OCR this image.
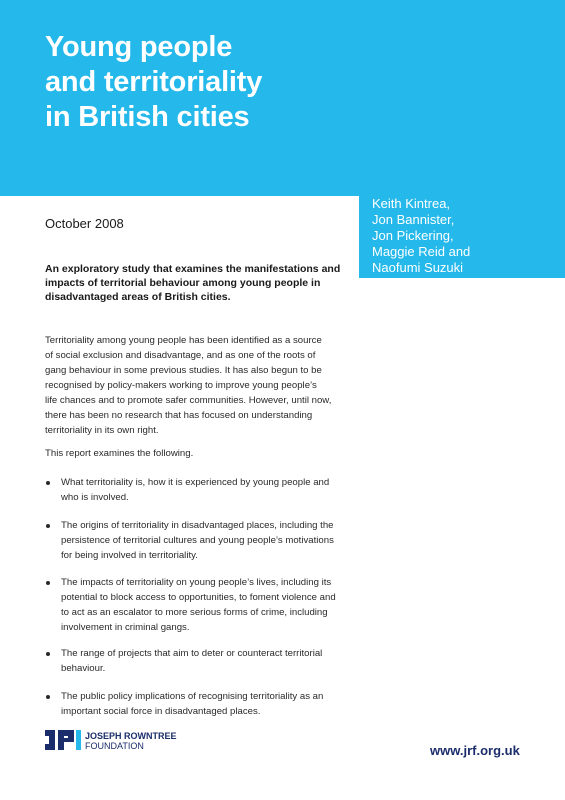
Young people
and territoriality
in British cities
Keith Kintrea,
Jon Bannister,
Jon Pickering,
Maggie Reid and
Naofumi Suzuki
October 2008
An exploratory study that examines the manifestations and
impacts of territorial behaviour among young people in
disadvantaged areas of British cities.
Territoriality among young people has been identified as a source
of social exclusion and disadvantage, and as one of the roots of
gang behaviour in some previous studies. It has also begun to be
recognised by policy-makers working to improve young people’s
life chances and to promote safer communities. However, until now,
there has been no research that has focused on understanding
territoriality in its own right.
This report examines the following.
What territoriality is, how it is experienced by young people and
who is involved.
The origins of territoriality in disadvantaged places, including the
persistence of territorial cultures and young people’s motivations
for being involved in territoriality.
The impacts of territoriality on young people’s lives, including its
potential to block access to opportunities, to foment violence and
to act as an escalator to more serious forms of crime, including
involvement in criminal gangs.
The range of projects that aim to deter or counteract territorial
behaviour.
The public policy implications of recognising territoriality as an
important social force in disadvantaged places.
JOSEPH ROWNTREE
FOUNDATION	www.jrf.org.uk
